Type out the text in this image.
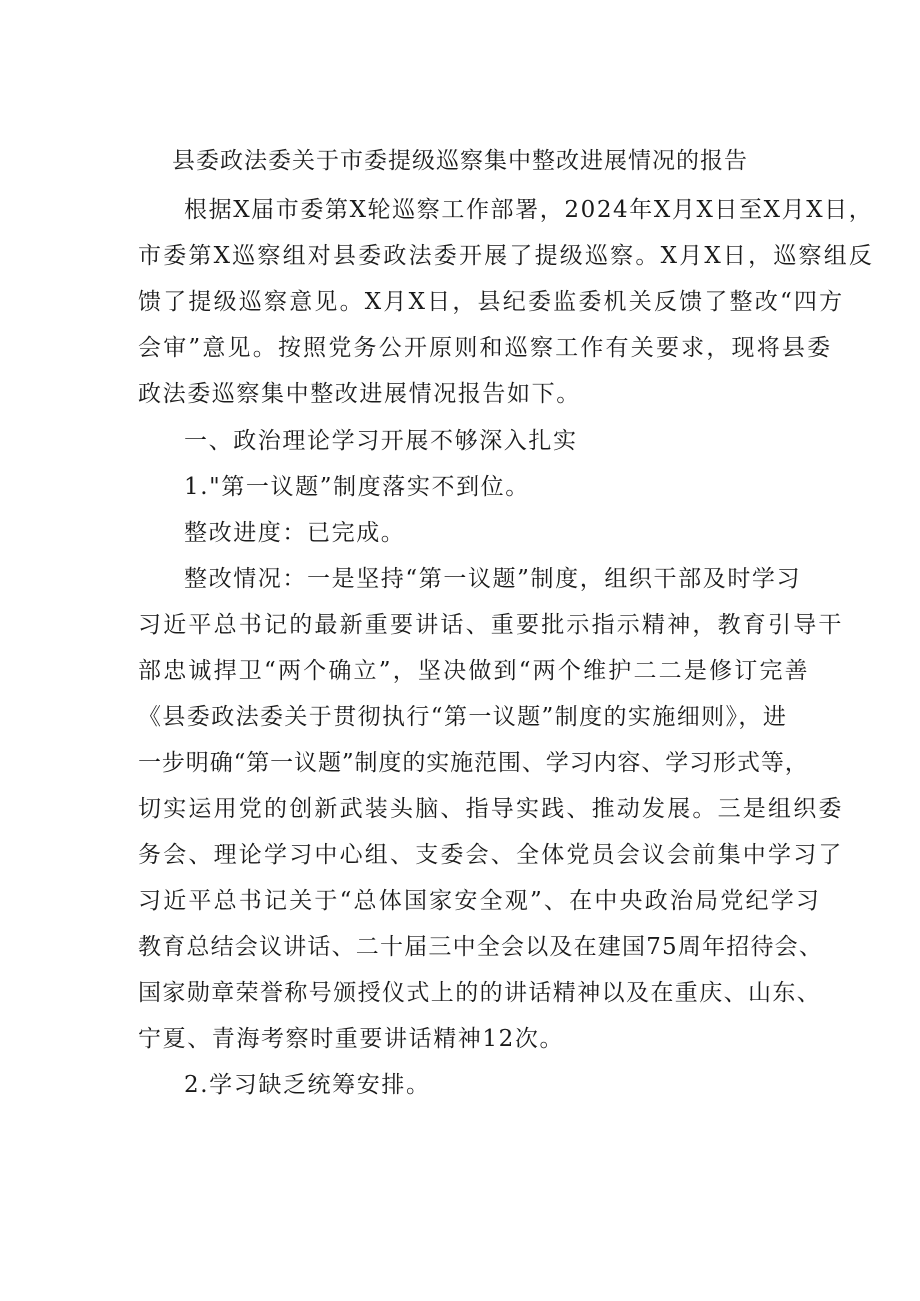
县委政法委关于市委提级巡察集中整改进展情况的报告
根据X届市委第X轮巡察工作部署，2024年X月X日至X月X日，
市委第X巡察组对县委政法委开展了提级巡察。X月X日，巡察组反
馈了提级巡察意见。X月X日，县纪委监委机关反馈了整改“四方
会审”意见。按照党务公开原则和巡察工作有关要求，现将县委
政法委巡察集中整改进展情况报告如下。
一、政治理论学习开展不够深入扎实
1."第一议题”制度落实不到位。
整改进度：已完成。
整改情况：一是坚持“第一议题”制度，组织干部及时学习
习近平总书记的最新重要讲话、重要批示指示精神，教育引导干
部忠诚捍卫“两个确立”，坚决做到“两个维护二二是修订完善
《县委政法委关于贯彻执行“第一议题”制度的实施细则》，进
一步明确“第一议题”制度的实施范围、学习内容、学习形式等，
切实运用党的创新武装头脑、指导实践、推动发展。三是组织委
务会、理论学习中心组、支委会、全体党员会议会前集中学习了
习近平总书记关于“总体国家安全观”、在中央政治局党纪学习
教育总结会议讲话、二十届三中全会以及在建国75周年招待会、
国家勋章荣誉称号颁授仪式上的的讲话精神以及在重庆、山东、
宁夏、青海考察时重要讲话精神12次。
2.学习缺乏统筹安排。
